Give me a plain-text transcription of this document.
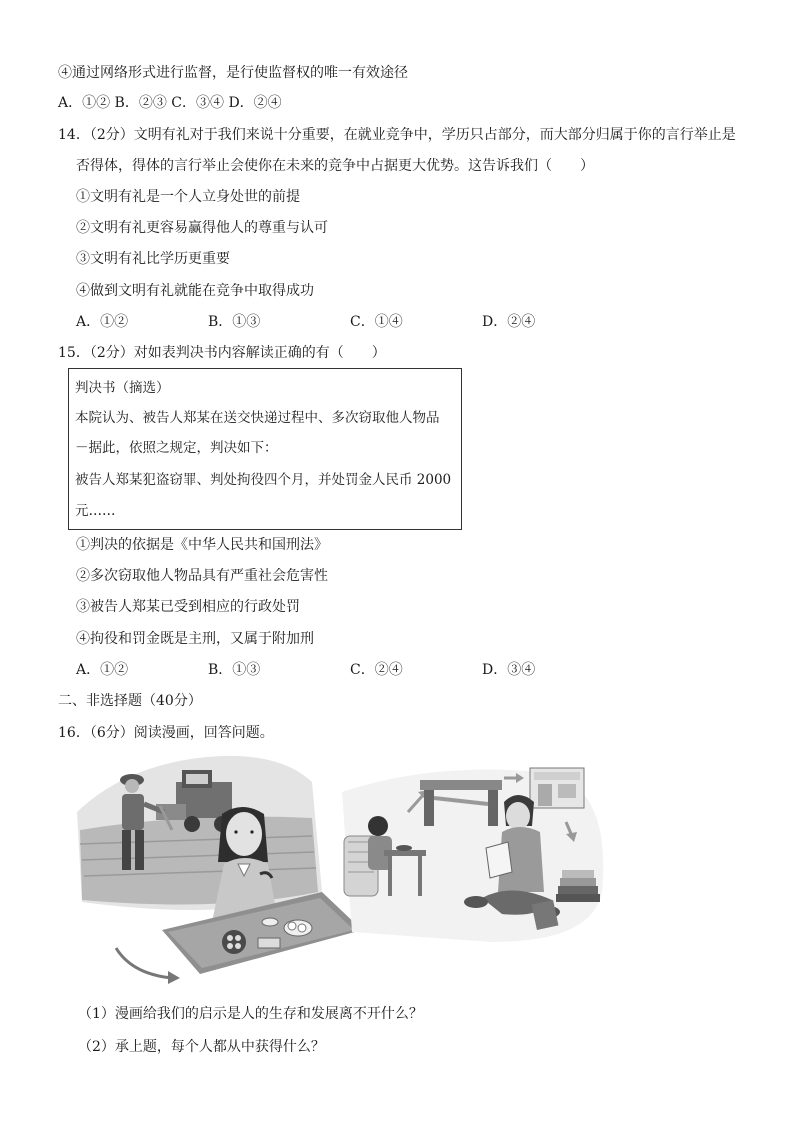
④通过网络形式进行监督，是行使监督权的唯一有效途径
A．①② B．②③ C．③④ D．②④
14．（2分）文明有礼对于我们来说十分重要，在就业竞争中，学历只占部分，而大部分归属于你的言行举止是
否得体，得体的言行举止会使你在未来的竞争中占据更大优势。这告诉我们（　　）
①文明有礼是一个人立身处世的前提
②文明有礼更容易赢得他人的尊重与认可
③文明有礼比学历更重要
④做到文明有礼就能在竞争中取得成功
A．①②	B．①③	C．①④	D．②④
15．（2分）对如表判决书内容解读正确的有（　　）
判决书（摘选）
本院认为、被告人郑某在送交快递过程中、多次窃取他人物品
－据此，依照之规定，判决如下：
被告人郑某犯盗窃罪、判处拘役四个月，并处罚金人民币 2000
元……
①判决的依据是《中华人民共和国刑法》
②多次窃取他人物品具有严重社会危害性
③被告人郑某已受到相应的行政处罚
④拘役和罚金既是主刑，又属于附加刑
A．①②	B．①③	C．②④	D．③④
二、非选择题（40分）
16．（6分）阅读漫画，回答问题。
（1）漫画给我们的启示是人的生存和发展离不开什么？
（2）承上题，每个人都从中获得什么？
